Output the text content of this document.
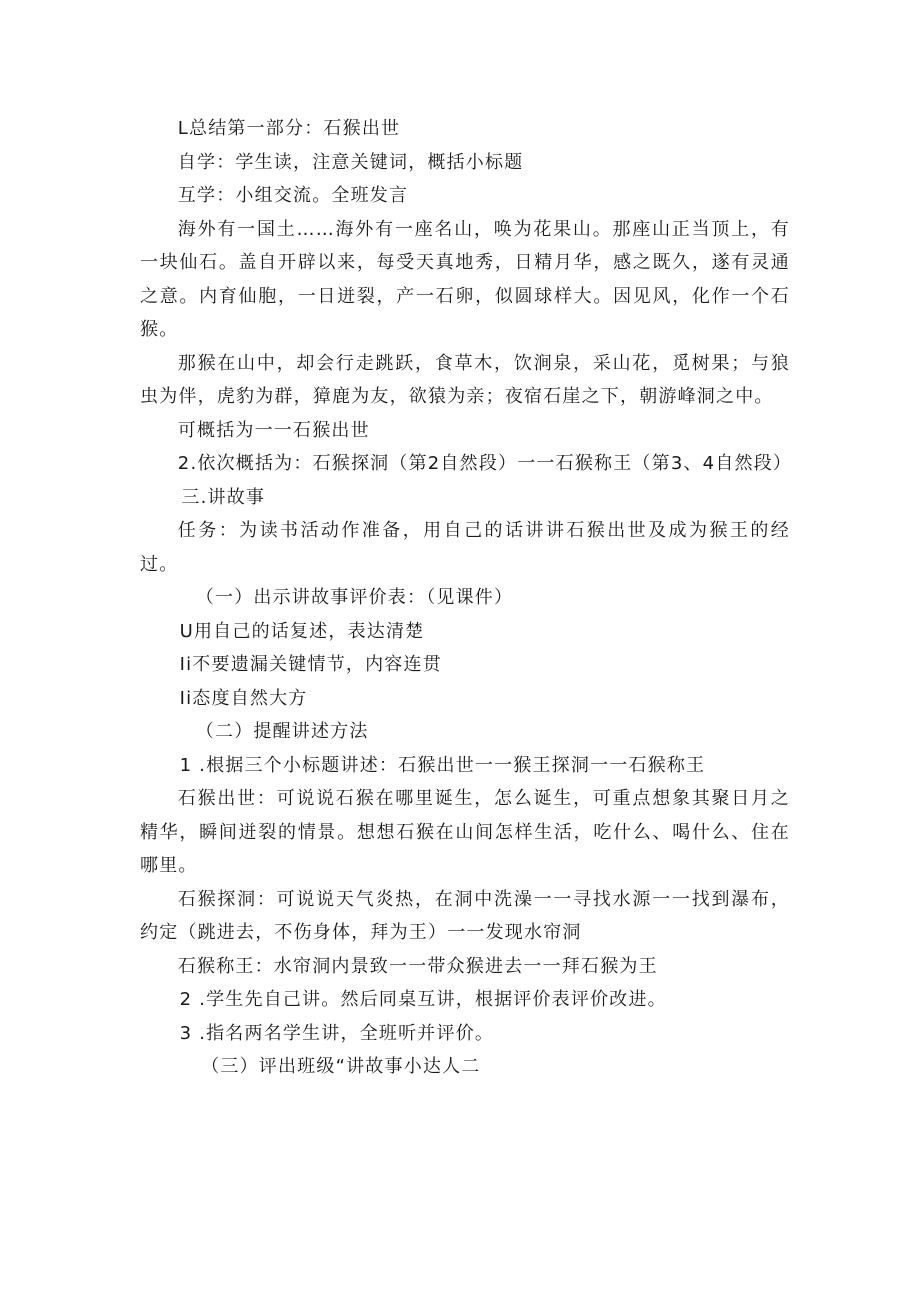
L总结第一部分：石猴出世

自学：学生读，注意关键词，概括小标题

互学：小组交流。全班发言

海外有一国土……海外有一座名山，唤为花果山。那座山正当顶上，有一块仙石。盖自开辟以来，每受天真地秀，日精月华，感之既久，遂有灵通之意。内育仙胞，一日迸裂，产一石卵，似圆球样大。因见风，化作一个石猴。

那猴在山中，却会行走跳跃，食草木，饮涧泉，采山花，觅树果；与狼虫为伴，虎豹为群，獐鹿为友，欲猿为亲；夜宿石崖之下，朝游峰洞之中。

可概括为一一石猴出世

2.依次概括为：石猴探洞（第2自然段）一一石猴称王（第3、4自然段）

三.讲故事

任务：为读书活动作准备，用自己的话讲讲石猴出世及成为猴王的经过。

（一）出示讲故事评价表：（见课件）

U用自己的话复述，表达清楚

Ii不要遗漏关键情节，内容连贯

Ii态度自然大方

（二）提醒讲述方法

1 .根据三个小标题讲述：石猴出世一一猴王探洞一一石猴称王

石猴出世：可说说石猴在哪里诞生，怎么诞生，可重点想象其聚日月之精华，瞬间迸裂的情景。想想石猴在山间怎样生活，吃什么、喝什么、住在哪里。

石猴探洞：可说说天气炎热，在洞中洗澡一一寻找水源一一找到瀑布，约定（跳进去，不伤身体，拜为王）一一发现水帘洞

石猴称王：水帘洞内景致一一带众猴进去一一拜石猴为王

2 .学生先自己讲。然后同桌互讲，根据评价表评价改进。

3 .指名两名学生讲，全班听并评价。

（三）评出班级“讲故事小达人二
